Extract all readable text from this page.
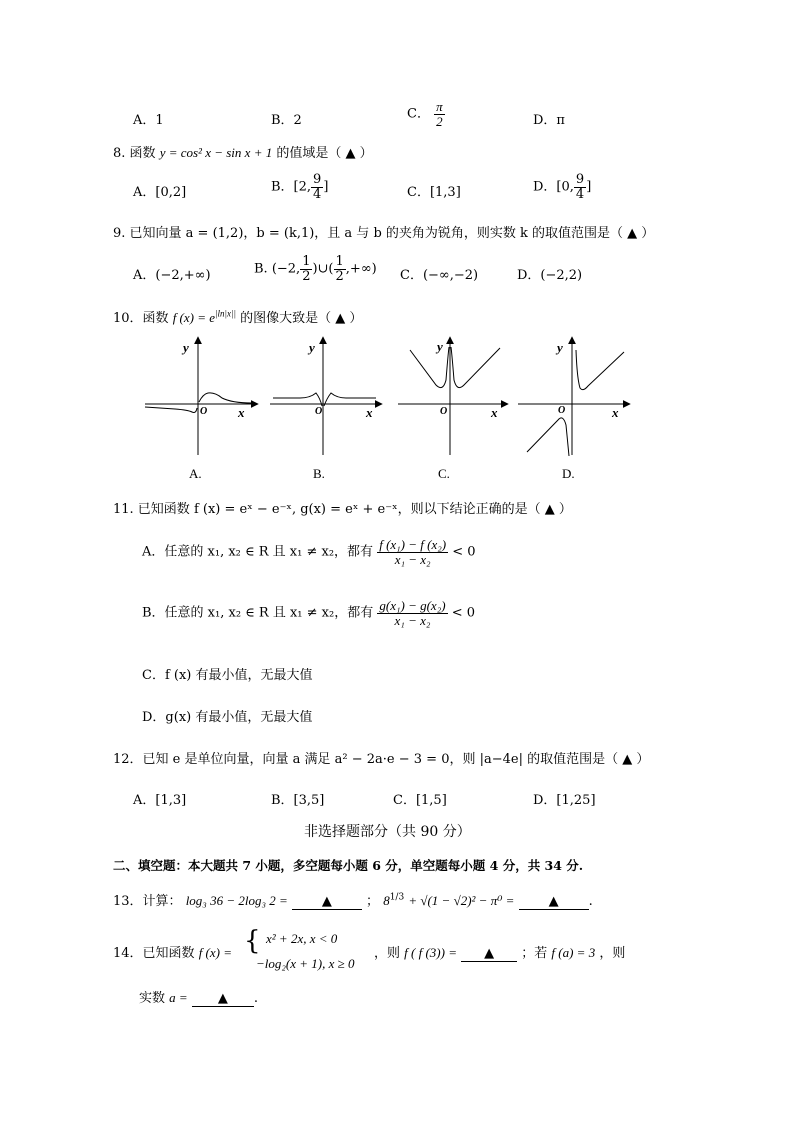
A．1	B．2	C． $\frac{\pi}{2}$	D．π
8. 函数 y = cos² x − sin x + 1 的值域是（ ▲ ）
A．[0,2]	B．[2, $\frac{9}{4}$ ]	C．[1,3]	D．[0, $\frac{9}{4}$ ]
9. 已知向量 a = (1,2)，b = (k,1)，且 a 与 b 的夹角为锐角，则实数 k 的取值范围是（ ▲ ）
A．(−2,+∞)	B. (−2, $\frac{1}{2}$ )∪( $\frac{1}{2}$ ,+∞) C．(−∞,−2)	D．(−2,2)
10．函数 f $(x) = e^{|ln|x||}$ 的图像大致是（ ▲ ）
y
x
O
y
x
O
y
x
O
y
x
O
A.	B.	C.	D.
11. 已知函数 f (x) = eˣ − e⁻ˣ, g(x) = eˣ + e⁻ˣ，则以下结论正确的是（ ▲ ）
A．任意的 x₁, x₂ ∈ R 且 x₁ ≠ x₂，都有 $\frac{\text{f (x₁) − f (x₂)}}{\text{x₁ − x₂}} < 0$
B．任意的 x₁, x₂ ∈ R 且 x₁ ≠ x₂，都有 $\frac{\text{g(x₁) − g(x₂)}}{\text{x₁ − x₂}} < 0$
C．f (x) 有最小值，无最大值
D．g(x) 有最小值，无最大值
12．已知 e 是单位向量，向量 a 满足 a² − 2a·e − 3 = 0，则 |a−4e| 的取值范围是（ ▲ ）
A．[1,3]	B．[3,5]	C．[1,5]	D．[1,25]
非选择题部分（共 90 分）
二、填空题：本大题共 7 小题，多空题每小题 6 分，单空题每小题 4 分，共 34 分.
13．计算： log₃ 36 − 2log₃ 2 =	▲	； $8^{1/3} + √(1 - √2)^2 - \pi^0$ =	▲ .
14．已知函数 f (x) = { x² + 2x, x < 0
−log₂(x + 1), x ≥ 0
，则 f ( f (3)) = ▲ ；若 f (a) = 3 ，则
实数 a = ▲ .
